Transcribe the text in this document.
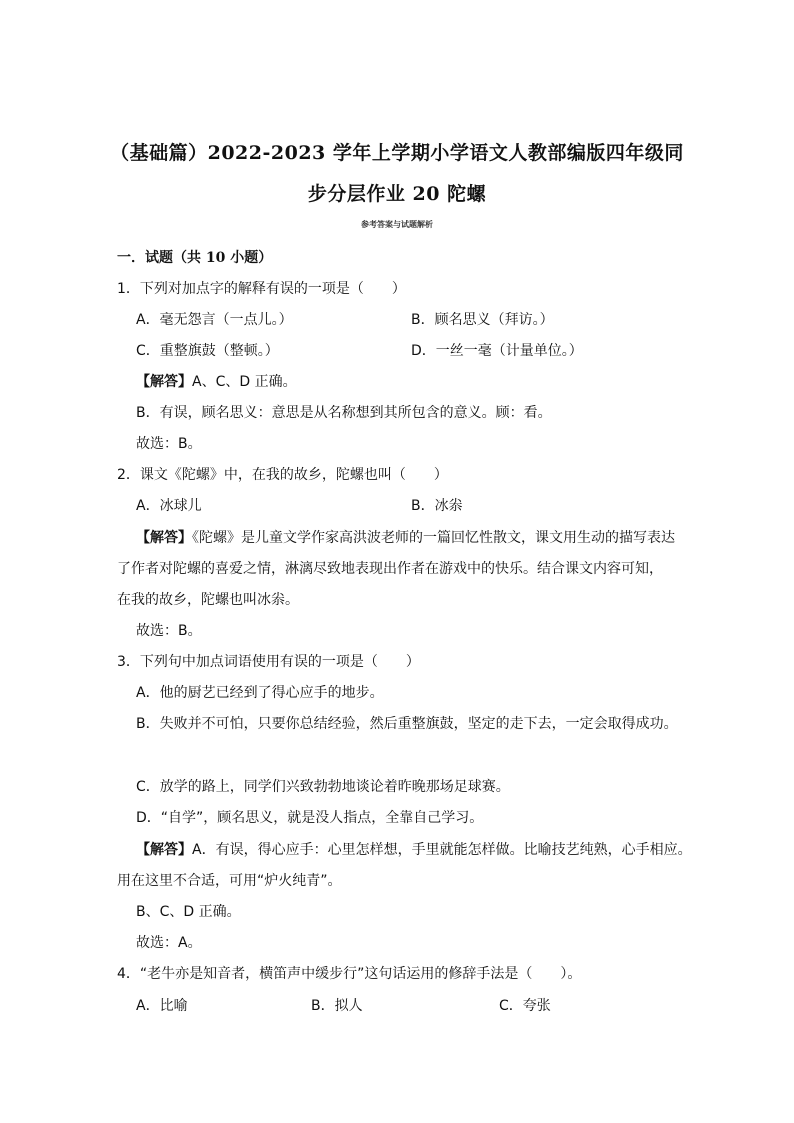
（基础篇）2022-2023 学年上学期小学语文人教部编版四年级同
步分层作业 20 陀螺
参考答案与试题解析
一．试题（共 10 小题）
1．下列对加点字的解释有误的一项是（　　）
A．毫无怨言（一点儿。）	B．顾名思义（拜访。）
C．重整旗鼓（整顿。）	D．一丝一毫（计量单位。）
【解答】A、C、D 正确。
B．有误，顾名思义：意思是从名称想到其所包含的意义。顾：看。
故选：B。
2．课文《陀螺》中，在我的故乡，陀螺也叫（　　）
A．冰球儿	B．冰尜
【解答】《陀螺》是儿童文学作家高洪波老师的一篇回忆性散文，课文用生动的描写表达
了作者对陀螺的喜爱之情，淋漓尽致地表现出作者在游戏中的快乐。结合课文内容可知，
在我的故乡，陀螺也叫冰尜。
故选：B。
3．下列句中加点词语使用有误的一项是（　　）
A．他的厨艺已经到了得心应手的地步。
B．失败并不可怕，只要你总结经验，然后重整旗鼓，坚定的走下去，一定会取得成功。
C．放学的路上，同学们兴致勃勃地谈论着昨晚那场足球赛。
D．“自学”，顾名思义，就是没人指点，全靠自己学习。
【解答】A．有误，得心应手：心里怎样想，手里就能怎样做。比喻技艺纯熟，心手相应。
用在这里不合适，可用“炉火纯青”。
B、C、D 正确。
故选：A。
4．“老牛亦是知音者，横笛声中缓步行”这句话运用的修辞手法是（　　）。
A．比喻	B．拟人	C．夸张
